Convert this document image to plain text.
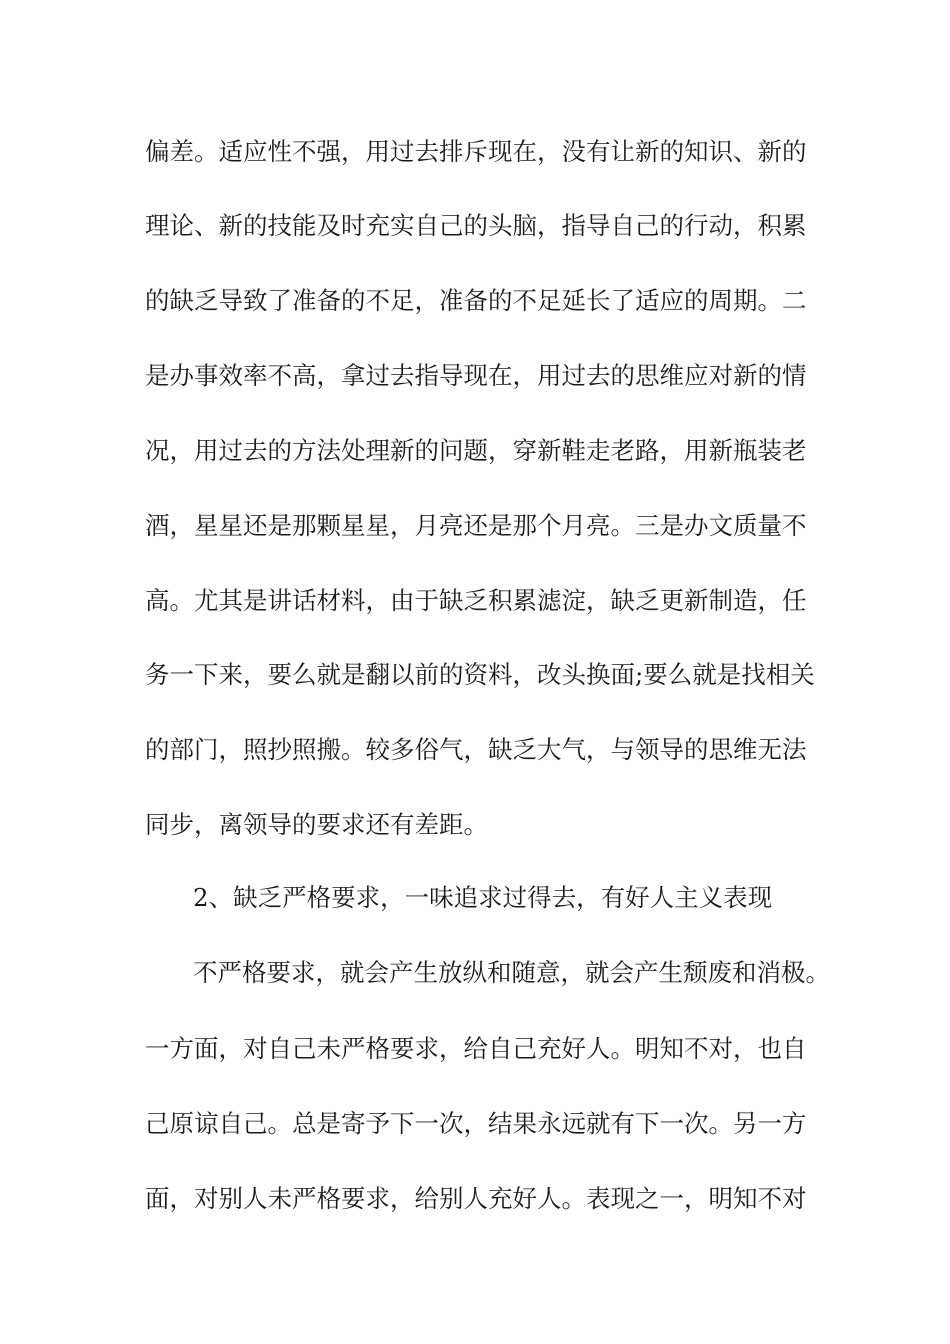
偏差。适应性不强，用过去排斥现在，没有让新的知识、新的
理论、新的技能及时充实自己的头脑，指导自己的行动，积累
的缺乏导致了准备的不足，准备的不足延长了适应的周期。二
是办事效率不高，拿过去指导现在，用过去的思维应对新的情
况，用过去的方法处理新的问题，穿新鞋走老路，用新瓶装老
酒，星星还是那颗星星，月亮还是那个月亮。三是办文质量不
高。尤其是讲话材料，由于缺乏积累滤淀，缺乏更新制造，任
务一下来，要么就是翻以前的资料，改头换面;要么就是找相关
的部门，照抄照搬。较多俗气，缺乏大气，与领导的思维无法
同步，离领导的要求还有差距。
2、缺乏严格要求，一味追求过得去，有好人主义表现
不严格要求，就会产生放纵和随意，就会产生颓废和消极。
一方面，对自己未严格要求，给自己充好人。明知不对，也自
己原谅自己。总是寄予下一次，结果永远就有下一次。另一方
面，对别人未严格要求，给别人充好人。表现之一，明知不对
